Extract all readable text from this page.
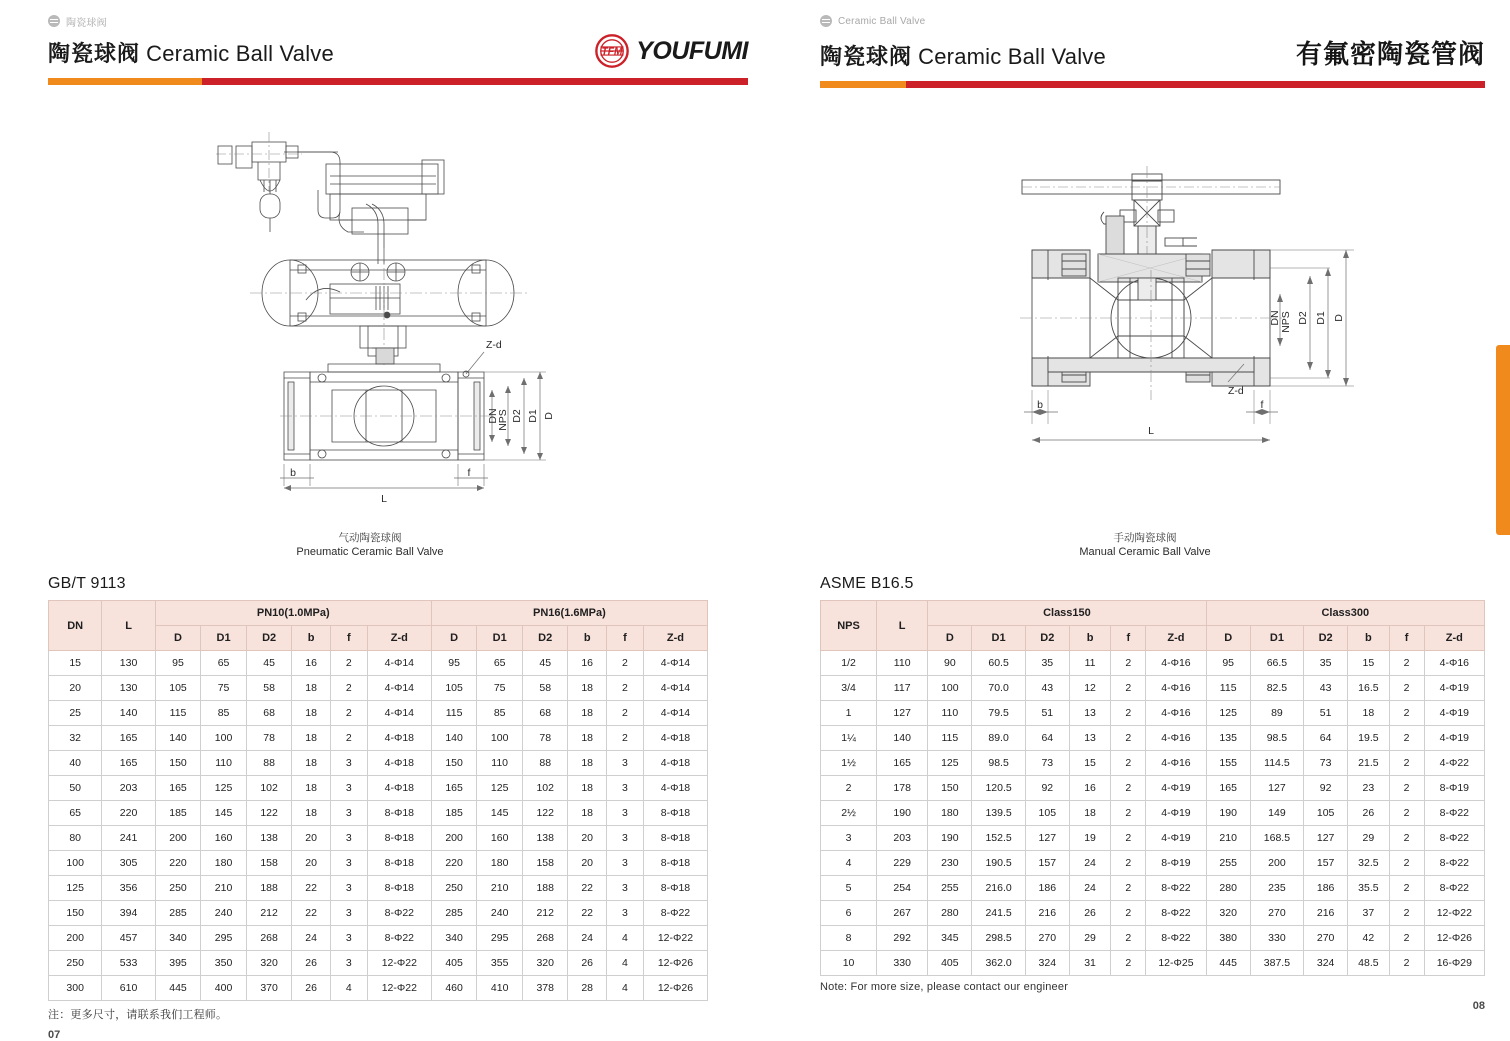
陶瓷球阀
陶瓷球阀 Ceramic Ball Valve	TFM YOUFUMI
Z-d
DN
NPS D2 D1 D
b	f
L
气动陶瓷球阀
Pneumatic Ceramic Ball Valve
GB/T 9113
DN	L	PN10(1.0MPa)						PN16(1.6MPa)					
		D	D1	D2	b	f	Z-d	D	D1	D2	b	f	Z-d
15	130	95	65	45	16	2	4-Φ14	95	65	45	16	2	4-Φ14
20	130	105	75	58	18	2	4-Φ14	105	75	58	18	2	4-Φ14
25	140	115	85	68	18	2	4-Φ14	115	85	68	18	2	4-Φ14
32	165	140	100	78	18	2	4-Φ18	140	100	78	18	2	4-Φ18
40	165	150	110	88	18	3	4-Φ18	150	110	88	18	3	4-Φ18
50	203	165	125	102	18	3	4-Φ18	165	125	102	18	3	4-Φ18
65	220	185	145	122	18	3	8-Φ18	185	145	122	18	3	8-Φ18
80	241	200	160	138	20	3	8-Φ18	200	160	138	20	3	8-Φ18
100	305	220	180	158	20	3	8-Φ18	220	180	158	20	3	8-Φ18
125	356	250	210	188	22	3	8-Φ18	250	210	188	22	3	8-Φ18
150	394	285	240	212	22	3	8-Φ22	285	240	212	22	3	8-Φ22
200	457	340	295	268	24	3	8-Φ22	340	295	268	24	4	12-Φ22
250	533	395	350	320	26	3	12-Φ22	405	355	320	26	4	12-Φ26
300	610	445	400	370	26	4	12-Φ22	460	410	378	28	4	12-Φ26
注：更多尺寸，请联系我们工程师。
07
Ceramic Ball Valve
陶瓷球阀 Ceramic Ball Valve	有氟密陶瓷管阀
DN NPS D2 D1 D
b
Z-d
f
L
手动陶瓷球阀
Manual Ceramic Ball Valve
ASME B16.5
NPS	L	Class150						Class300					
		D	D1	D2	b	f	Z-d	D	D1	D2	b	f	Z-d
1/2	110	90	60.5	35	11	2	4-Φ16	95	66.5	35	15	2	4-Φ16
3/4	117	100	70.0	43	12	2	4-Φ16	115	82.5	43	16.5	2	4-Φ19
1	127	110	79.5	51	13	2	4-Φ16	125	89	51	18	2	4-Φ19
1¼	140	115	89.0	64	13	2	4-Φ16	135	98.5	64	19.5	2	4-Φ19
1½	165	125	98.5	73	15	2	4-Φ16	155	114.5	73	21.5	2	4-Φ22
2	178	150	120.5	92	16	2	4-Φ19	165	127	92	23	2	8-Φ19
2½	190	180	139.5	105	18	2	4-Φ19	190	149	105	26	2	8-Φ22
3	203	190	152.5	127	19	2	4-Φ19	210	168.5	127	29	2	8-Φ22
4	229	230	190.5	157	24	2	8-Φ19	255	200	157	32.5	2	8-Φ22
5	254	255	216.0	186	24	2	8-Φ22	280	235	186	35.5	2	8-Φ22
6	267	280	241.5	216	26	2	8-Φ22	320	270	216	37	2	12-Φ22
8	292	345	298.5	270	29	2	8-Φ22	380	330	270	42	2	12-Φ26
10	330	405	362.0	324	31	2	12-Φ25	445	387.5	324	48.5	2	16-Φ29
Note: For more size, please contact our engineer
08
